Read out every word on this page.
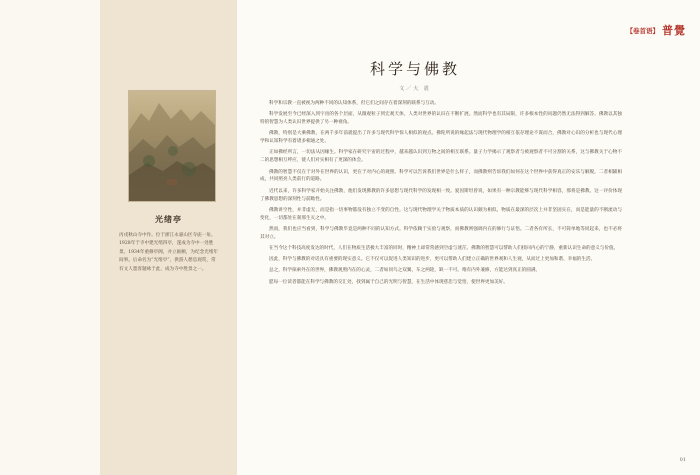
光绪亭
丙戌秋山寺中作。位于浙江永嘉山区寺庙一角。1928年于寺中建光绪四亭，遂成为寺中一处胜景。1934年重修亭阁，并立匾额，为纪念光绪年间事。后命名为“光绪亭”，供游人憩息观赏，常有文人墨客题咏于此，成为寺中胜景之一。
【卷首语】 普覺
科学与佛教
文／大 震

科学和宗教一直被视为两种不同的认知体系，但它们之间存在着深刻的联系与互动。

科学发展至今已经深入到宇宙的各个层面，从微观粒子到宏观天体，人类对世界的认识在不断扩展。然而科学也有其局限，许多根本性的问题仍然无法得到解答。佛教以其独特的智慧为人类认识世界提供了另一种视角。

佛教，特别是大乘佛教，在两千多年前就提出了许多与现代科学惊人相似的观点。佛陀所说的缘起法与现代物理学的相互依存理论不谋而合，佛教对心识的分析也与现代心理学和认知科学有着诸多相通之处。

正如佛经所言，一切法从因缘生。科学家在研究宇宙的过程中，越来越认识到万物之间的相互联系。量子力学揭示了观察者与被观察者不可分割的关系，这与佛教关于心物不二的思想相互呼应，使人们对实相有了更深的体会。

佛教的智慧不仅在于对外在世界的认识，更在于对内心的观照。科学可以告诉我们世界是什么样子，而佛教则告诉我们如何在这个世界中获得真正的安乐与解脱。二者相辅相成，共同照亮人类前行的道路。

近代以来，许多科学家开始关注佛教，他们发现佛教的许多思想与现代科学的发现相一致。爱因斯坦曾说，如果有一种宗教能够与现代科学相容，那将是佛教。这一评价体现了佛教思想的深刻性与前瞻性。

佛教讲空性，并非虚无，而是指一切事物都没有独立不变的自性。这与现代物理学关于物质本质的认识颇为相似。物质在最深的层次上并非坚固实在，而是能量的不断流动与变化，一切都处在刹那生灭之中。

然而，我们也应当看到，科学与佛教毕竟是两种不同的认知方式。科学依赖于实验与观察，而佛教则强调内在的修行与证悟。二者各有所长，不可简单地等同起来，也不必将其对立。

在当今这个科技高度发达的时代，人们在物质生活极大丰富的同时，精神上却常常感到空虚与迷茫。佛教的智慧可以帮助人们找回内心的宁静，重新认识生命的意义与价值。

因此，科学与佛教的对话具有重要的现实意义。它不仅可以促进人类知识的进步，更可以帮助人们建立正确的世界观和人生观，从而过上更加和谐、幸福的生活。

总之，科学探索外在的世界，佛教观照内在的心灵，二者如同鸟之双翼、车之两轮，缺一不可。唯有内外兼修，方能达到真正的圆满。

愿每一位读者都能在科学与佛教的交汇处，找到属于自己的光明与智慧，在生活中体现慈悲与觉悟，使世界更加美好。

01
